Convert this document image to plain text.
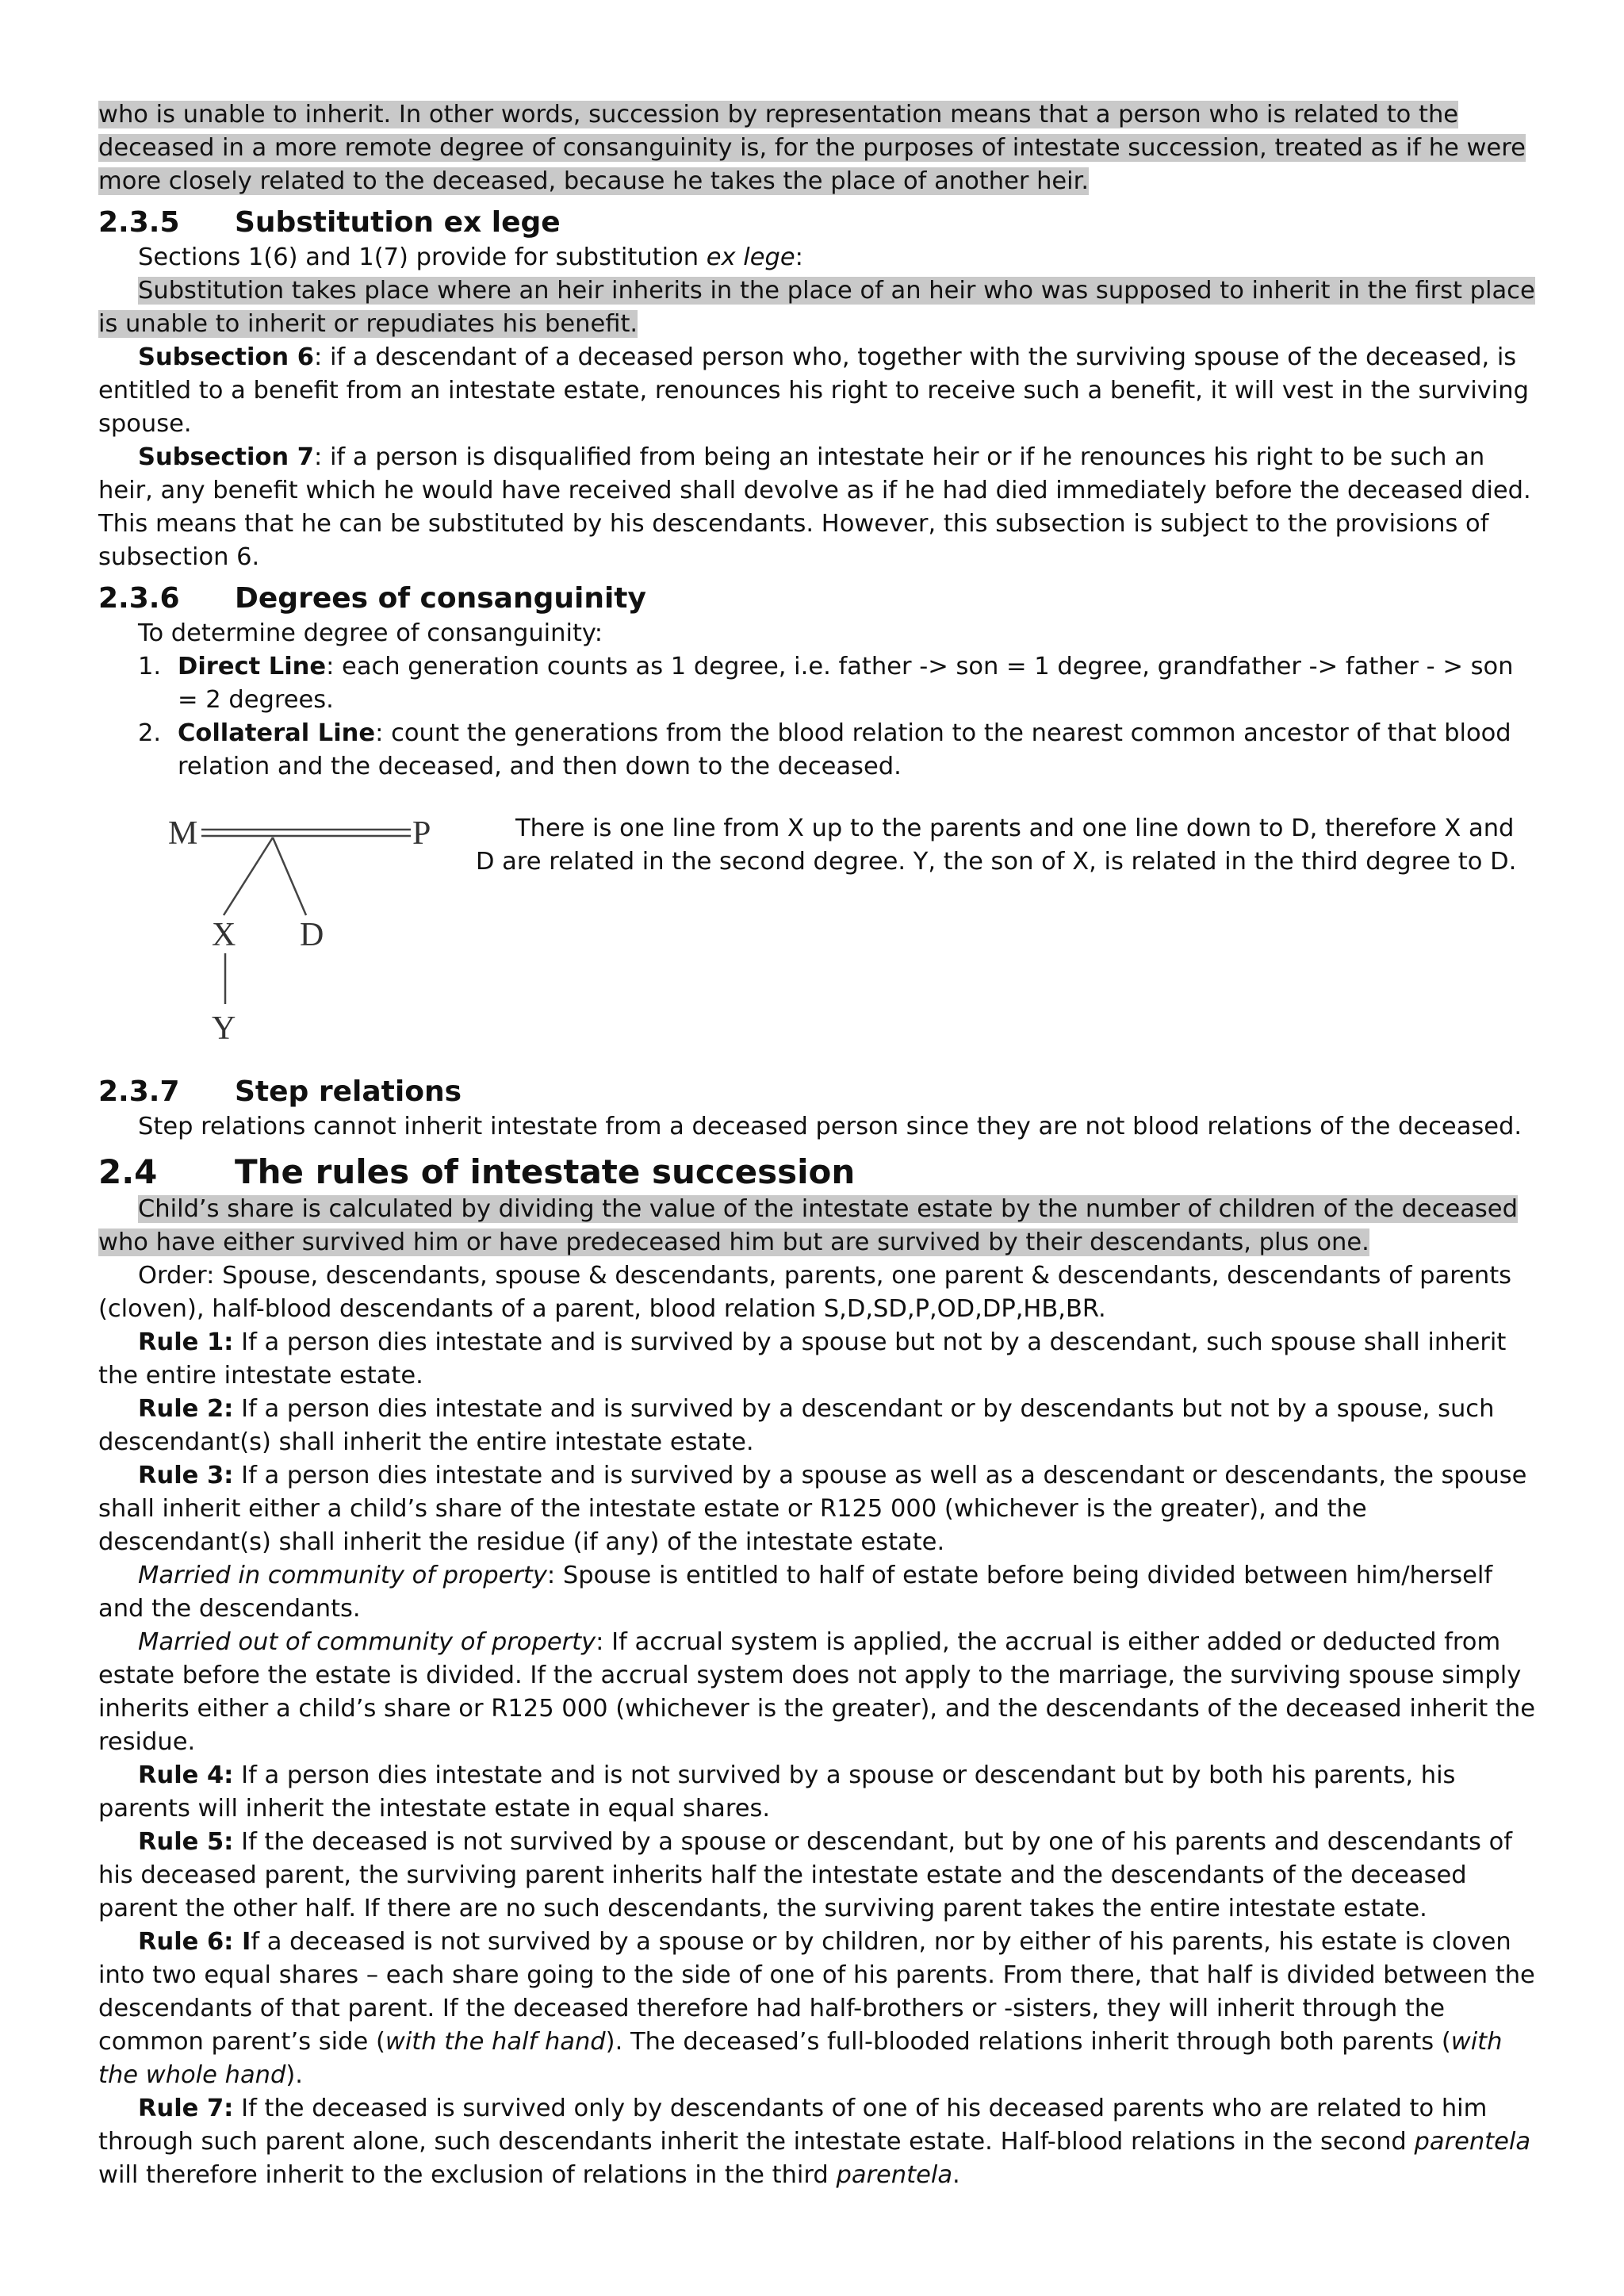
who is unable to inherit. In other words, succession by representation means that a person who is related to the deceased in a more remote degree of consanguinity is, for the purposes of intestate succession, treated as if he were more closely related to the deceased, because he takes the place of another heir.

2.3.5 Substitution ex lege

Sections 1(6) and 1(7) provide for substitution ex lege:

Substitution takes place where an heir inherits in the place of an heir who was supposed to inherit in the first place is unable to inherit or repudiates his benefit.

Subsection 6: if a descendant of a deceased person who, together with the surviving spouse of the deceased, is entitled to a benefit from an intestate estate, renounces his right to receive such a benefit, it will vest in the surviving spouse.

Subsection 7: if a person is disqualified from being an intestate heir or if he renounces his right to be such an heir, any benefit which he would have received shall devolve as if he had died immediately before the deceased died. This means that he can be substituted by his descendants. However, this subsection is subject to the provisions of subsection 6.

2.3.6 Degrees of consanguinity

To determine degree of consanguinity:

1. Direct Line: each generation counts as 1 degree, i.e. father -> son = 1 degree, grandfather -> father - > son = 2 degrees.
2. Collateral Line: count the generations from the blood relation to the nearest common ancestor of that blood relation and the deceased, and then down to the deceased.
M	P
X D
Y

There is one line from X up to the parents and one line down to D, therefore X and D are related in the second degree. Y, the son of X, is related in the third degree to D.

2.3.7 Step relations

Step relations cannot inherit intestate from a deceased person since they are not blood relations of the deceased.

2.4 The rules of intestate succession

Child’s share is calculated by dividing the value of the intestate estate by the number of children of the deceased who have either survived him or have predeceased him but are survived by their descendants, plus one.

Order: Spouse, descendants, spouse & descendants, parents, one parent & descendants, descendants of parents (cloven), half-blood descendants of a parent, blood relation S,D,SD,P,OD,DP,HB,BR.

Rule 1: If a person dies intestate and is survived by a spouse but not by a descendant, such spouse shall inherit the entire intestate estate.

Rule 2: If a person dies intestate and is survived by a descendant or by descendants but not by a spouse, such descendant(s) shall inherit the entire intestate estate.

Rule 3: If a person dies intestate and is survived by a spouse as well as a descendant or descendants, the spouse shall inherit either a child’s share of the intestate estate or R125 000 (whichever is the greater), and the descendant(s) shall inherit the residue (if any) of the intestate estate.

Married in community of property: Spouse is entitled to half of estate before being divided between him/herself and the descendants.

Married out of community of property: If accrual system is applied, the accrual is either added or deducted from estate before the estate is divided. If the accrual system does not apply to the marriage, the surviving spouse simply inherits either a child’s share or R125 000 (whichever is the greater), and the descendants of the deceased inherit the residue.

Rule 4: If a person dies intestate and is not survived by a spouse or descendant but by both his parents, his parents will inherit the intestate estate in equal shares.

Rule 5: If the deceased is not survived by a spouse or descendant, but by one of his parents and descendants of his deceased parent, the surviving parent inherits half the intestate estate and the descendants of the deceased parent the other half. If there are no such descendants, the surviving parent takes the entire intestate estate.

Rule 6: If a deceased is not survived by a spouse or by children, nor by either of his parents, his estate is cloven into two equal shares – each share going to the side of one of his parents. From there, that half is divided between the descendants of that parent. If the deceased therefore had half-brothers or -sisters, they will inherit through the common parent’s side (with the half hand). The deceased’s full-blooded relations inherit through both parents (with the whole hand).

Rule 7: If the deceased is survived only by descendants of one of his deceased parents who are related to him through such parent alone, such descendants inherit the intestate estate. Half-blood relations in the second parentela will therefore inherit to the exclusion of relations in the third parentela.
